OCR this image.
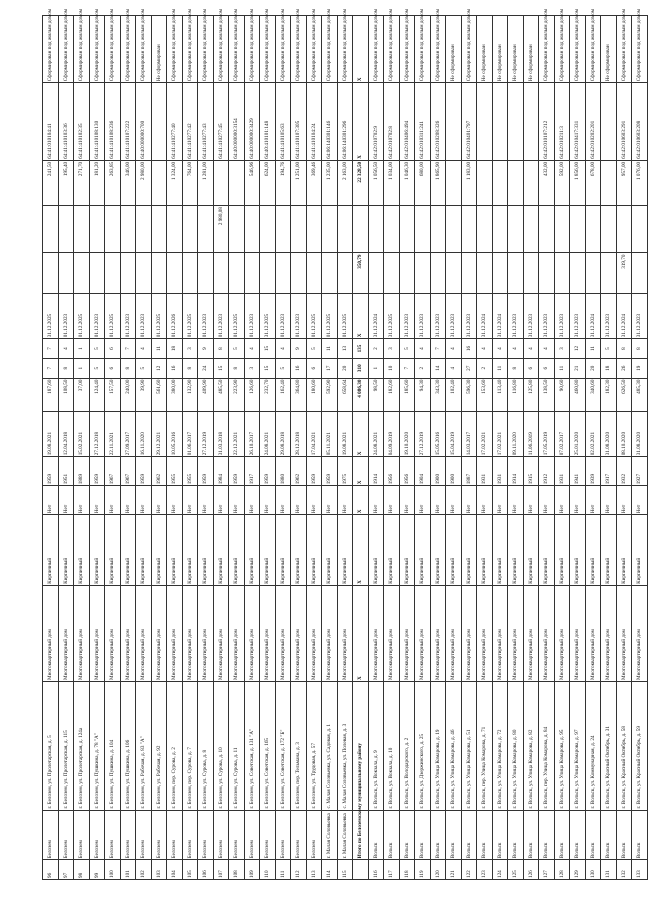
96	Белозем	г. Белозем, ул. Пролетарская, д. 5	Многоквартирный дом	Кирпичный	Нет	1959	19.08.2021	187,60	7	7	31.12.2025			241,50	64:41:010104:41	Сформирован под жилым домом
97	Белозем	г. Белозем, ул. Пролетарская, д. 115	Многоквартирный дом	Кирпичный	Нет	1951	12.04.2018	108,50	8	4	01.12.2023			195,40	64:41:410103:36	Сформирован под жилым домом
98	Белозем	г. Белозем, ул. Пролетарская, д. 124а	Многоквартирный дом	Кирпичный	Нет	1889	15.02.2021	37,00	1	1	01.12.2025			271,70	64:41:410102:35	Сформирован под жилым домом
99	Белозем	г. Белозем, ул. Пушкина, д. 78 "А"	Многоквартирный дом	Кирпичный	Нет	1959	27.12.2018	124,40	5	5	01.12.2023			181,20	64:41:410108:130	Сформирован под жилым домом
100	Белозем	г. Белозем, ул. Пушкина, д. 104	Многоквартирный дом	Кирпичный	Нет	1967	22.11.2021	157,50	6	6	01.12.2025			263,85	64:41:410108:236	Сформирован под жилым домом
101	Белозем	г. Белозем, ул. Пушкина, д. 106	Многоквартирный дом	Кирпичный	Нет	1967	27.09.2017	240,00	8	7	01.12.2023			346,00	64:41:410107:222	Сформирован под жилым домом
102	Белозем	г. Белозем, ул. Рабочая, д. 83 "А"	Многоквартирный дом	Кирпичный	Нет	1959	16.11.2020	39,90	5	4	01.12.2023			2 980,00	64:40:000000:700	Сформирован под жилым домом
103	Белозем	г. Белозем, ул. Рабочая, д. 92	Многоквартирный дом	Кирпичный	Нет	1962	29.12.2021	561,60	12	11	01.12.2025					Не сформирован
104	Белозем	г. Белозем, пер. Сурова, д. 2	Многоквартирный дом	Кирпичный	Нет	1955	10.05.2016	380,00	16	18	01.12.2026			1 324,00	64:41:410277:40	Сформирован под жилым домом
105	Белозем	г. Белозем, пер. Сурова, д. 7	Многоквартирный дом	Кирпичный	Нет	1955	01.06.2017	132,90	8	3	01.12.2025			764,00	64:41:410277:42	Сформирован под жилым домом
106	Белозем	г. Белозем, ул. Сурова, д. 8	Многоквартирный дом	Кирпичный	Нет	1959	27.12.2019	409,90	24	9	01.12.2023			1 281,00	64:41:410277:43	Сформирован под жилым домом
107	Белозем	г. Белозем, ул. Сурова, д. 10	Многоквартирный дом	Кирпичный	Нет	1984	31.03.2018	485,50	15	8	01.12.2023		2 980,08		64:41:410277:45	Сформирован под жилым домом
108	Белозем	г. Белозем, ул. Сурова, д. 11	Многоквартирный дом	Кирпичный	Нет	1959	22.12.2021	223,90	8	5	01.12.2025				64:40:000000:3154	Сформирован под жилым домом
109	Белозем	г. Белозем, ул. Советская, д. 131 "А"	Многоквартирный дом	Кирпичный	Нет	1917	26.10.2017	126,60	3	4	01.12.2023			546,96	64:40:000000:3429	Сформирован под жилым домом
110	Белозем	г. Белозем, ул. Советская, д. 165	Многоквартирный дом	Кирпичный	Нет	1959	24.08.2021	232,70	15	15	31.12.2025			624,00	64:40:410101:148	Сформирован под жилым домом
111	Белозем	г. Белозем, ул. Советская, д. 172 "Б"	Многоквартирный дом	Кирпичный	Нет	1880	29.08.2018	162,40	5	4	01.12.2023			194,76	64:41:410105:63	Сформирован под жилым домом
112	Белозем	г. Белозем, пер. Тельмана, д. 3	Многоквартирный дом	Кирпичный	Нет	1962	28.12.2018	364,80	16	9	01.12.2023			1 251,00	64:41:410107:305	Сформирован под жилым домом
113	Белозем	г. Белозем, ул. Трудовая, д. 57	Многоквартирный дом	Кирпичный	Нет	1959	17.04.2021	180,60	6	5	01.12.2025			369,46	64:41:410104:24	Сформирован под жилым домом
114	г. Малая Соловьевка	с. Малая Соловьевка, ул. Садовая, д. 1	Многоквартирный дом	Кирпичный	Нет	1959	05.11.2021	592,90	17	11	01.12.2025			1 235,00	64:06:140301:146	Сформирован под жилым домом
115	г. Малая Соловьевка	с. Малая Соловьевка, ул. Полевая, д. 3	Многоквартирный дом	Кирпичный	Нет	1975	19.08.2021	658,64	20	13	01.12.2025			2 163,00	64:06:140301:296	Сформирован под жилым домом
	Итого по Белоземскому муниципальному району		Х	Х	Х	Х	Х	4 086,30	310	135	Х	350,79		22 328,50	Х	Х
116	Вольск	г. Вольск, ул. Вокзала, д. 9	Многоквартирный дом	Кирпичный	Нет	1914	24.08.2021	98,50	1	2	31.12.2024			1 056,50	64:42:010702:9	Сформирован под жилым домом
117	Вольск	г. Вольск, ул. Вокзала, д. 10	Многоквартирный дом	Кирпичный	Нет	1956	04.09.2019	182,60	10	3	31.12.2025			1 034,00	64:42:010702:8	Сформирован под жилым домом
118	Вольск	г. Вольск, ул. Володарского, д. 2	Многоквартирный дом	Кирпичный	Нет	1956	19.10.2020	185,60	7	5	31.12.2023			1 046,30	64:42:010406:494	Сформирован под жилым домом
119	Вольск	г. Вольск, ул. Дзержинского, д. 25	Многоквартирный дом	Кирпичный	Нет	1904	27.12.2019	94,30	2	4	31.12.2023			680,00	64:42:010311:241	Сформирован под жилым домом
120	Вольск	г. Вольск, ул. Улица Комарова, д. 19	Многоквартирный дом	Кирпичный	Нет	1900	15.05.2016	343,30	14	7	31.12.2023			1 865,90	64:42:010208:326	Сформирован под жилым домом
121	Вольск	г. Вольск, ул. Улица Комарова, д. 46	Многоквартирный дом	Кирпичный	Нет	1900	15.04.2019	102,40	4	4	31.12.2023					Не сформирован
122	Вольск	г. Вольск, ул. Улица Комарова, д. 51	Многоквартирный дом	Кирпичный	Нет	1887	14.03.2017	596,30	27	16	31.12.2023			1 183,00	64:42:010401:797	Сформирован под жилым домом
123	Вольск	г. Вольск, пер. Улица Комарова, д. 71	Многоквартирный дом	Кирпичный	Нет	1931	17.02.2021	153,60	2	4	31.12.2024					Не сформирован
124	Вольск	г. Вольск, ул. Улица Комарова, д. 72	Многоквартирный дом	Кирпичный	Нет	1931	17.02.2021	113,40	11	4	31.12.2024					Не сформирован
125	Вольск	г. Вольск, ул. Улица Комарова, д. 80	Многоквартирный дом	Кирпичный	Нет	1914	09.11.2020	116,80	8	4	31.12.2023					Не сформирован
126	Вольск	г. Вольск, ул. Улица Комарова, д. 82	Многоквартирный дом	Кирпичный	Нет	1915	11.06.2019	125,80	6	4	31.12.2023					Не сформирован
127	Вольск	г. Вольск, пер. Улица Комарова, д. 84	Многоквартирный дом	Кирпичный	Нет	1912	17.05.2019	138,50	6	4	31.12.2023			432,00	64:42:010107:212	Сформирован под жилым домом
128	Вольск	г. Вольск, ул. Улица Комарова, д. 95	Многоквартирный дом	Кирпичный	Нет	1931	07.02.2017	90,60	11	3	31.12.2023			592,00	64:42:010211:3	Сформирован под жилым домом
129	Вольск	г. Вольск, ул. Улица Комарова, д. 97	Многоквартирный дом	Кирпичный	Нет	1941	25.01.2020	460,80	21	12	31.12.2023			1 856,00	64:42:010417:331	Сформирован под жилым домом
130	Вольск	г. Вольск, ул. Коммунарная, д. 24	Многоквартирный дом	Кирпичный	Нет	1939	02.02.2021	340,60	20	11	31.12.2024			678,00	64:42:010202:201	Сформирован под жилым домом
131	Вольск	г. Вольск, ул. Красный Октябрь, д. 31	Многоквартирный дом	Кирпичный	Нет	1917	31.08.2020	182,30	18	5	31.12.2023					Не сформирован
132	Вольск	г. Вольск, ул. Красный Октябрь, д. 58	Многоквартирный дом	Кирпичный	Нет	1932	08.10.2020	626,50	26	8	31.12.2024	319,70		957,00	64:42:010603:291	Сформирован под жилым домом
133	Вольск	г. Вольск, ул. Красный Октябрь, д. 59	Многоквартирный дом	Кирпичный	Нет	1927	31.08.2020	485,30	19	8	31.12.2023			1 076,00	64:42:010603:208	Сформирован под жилым домом
